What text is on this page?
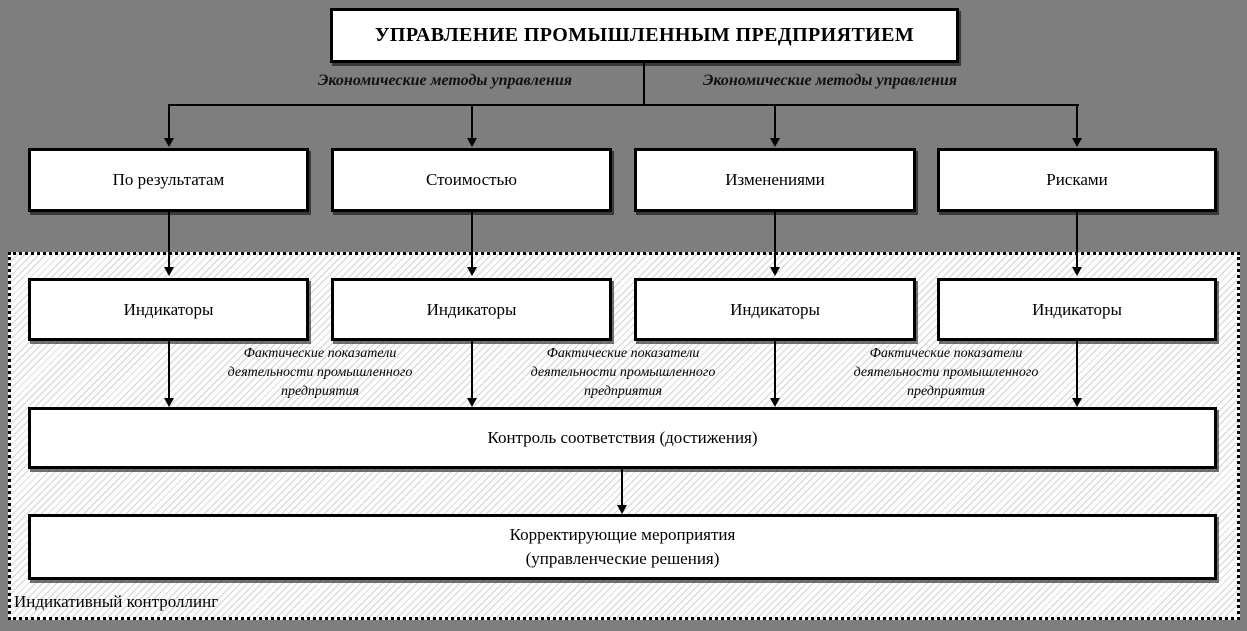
УПРАВЛЕНИЕ ПРОМЫШЛЕННЫМ ПРЕДПРИЯТИЕМ
Экономические методы управления	Экономические методы управления
По результатам	Стоимостью	Изменениями	Рисками
Индикаторы	Индикаторы	Индикаторы	Индикаторы
Фактические показатели
деятельности промышленного
предприятия
Фактические показатели
деятельности промышленного
предприятия
Фактические показатели
деятельности промышленного
предприятия
Контроль соответствия (достижения)
Корректирующие мероприятия
(управленческие решения)
Индикативный контроллинг
